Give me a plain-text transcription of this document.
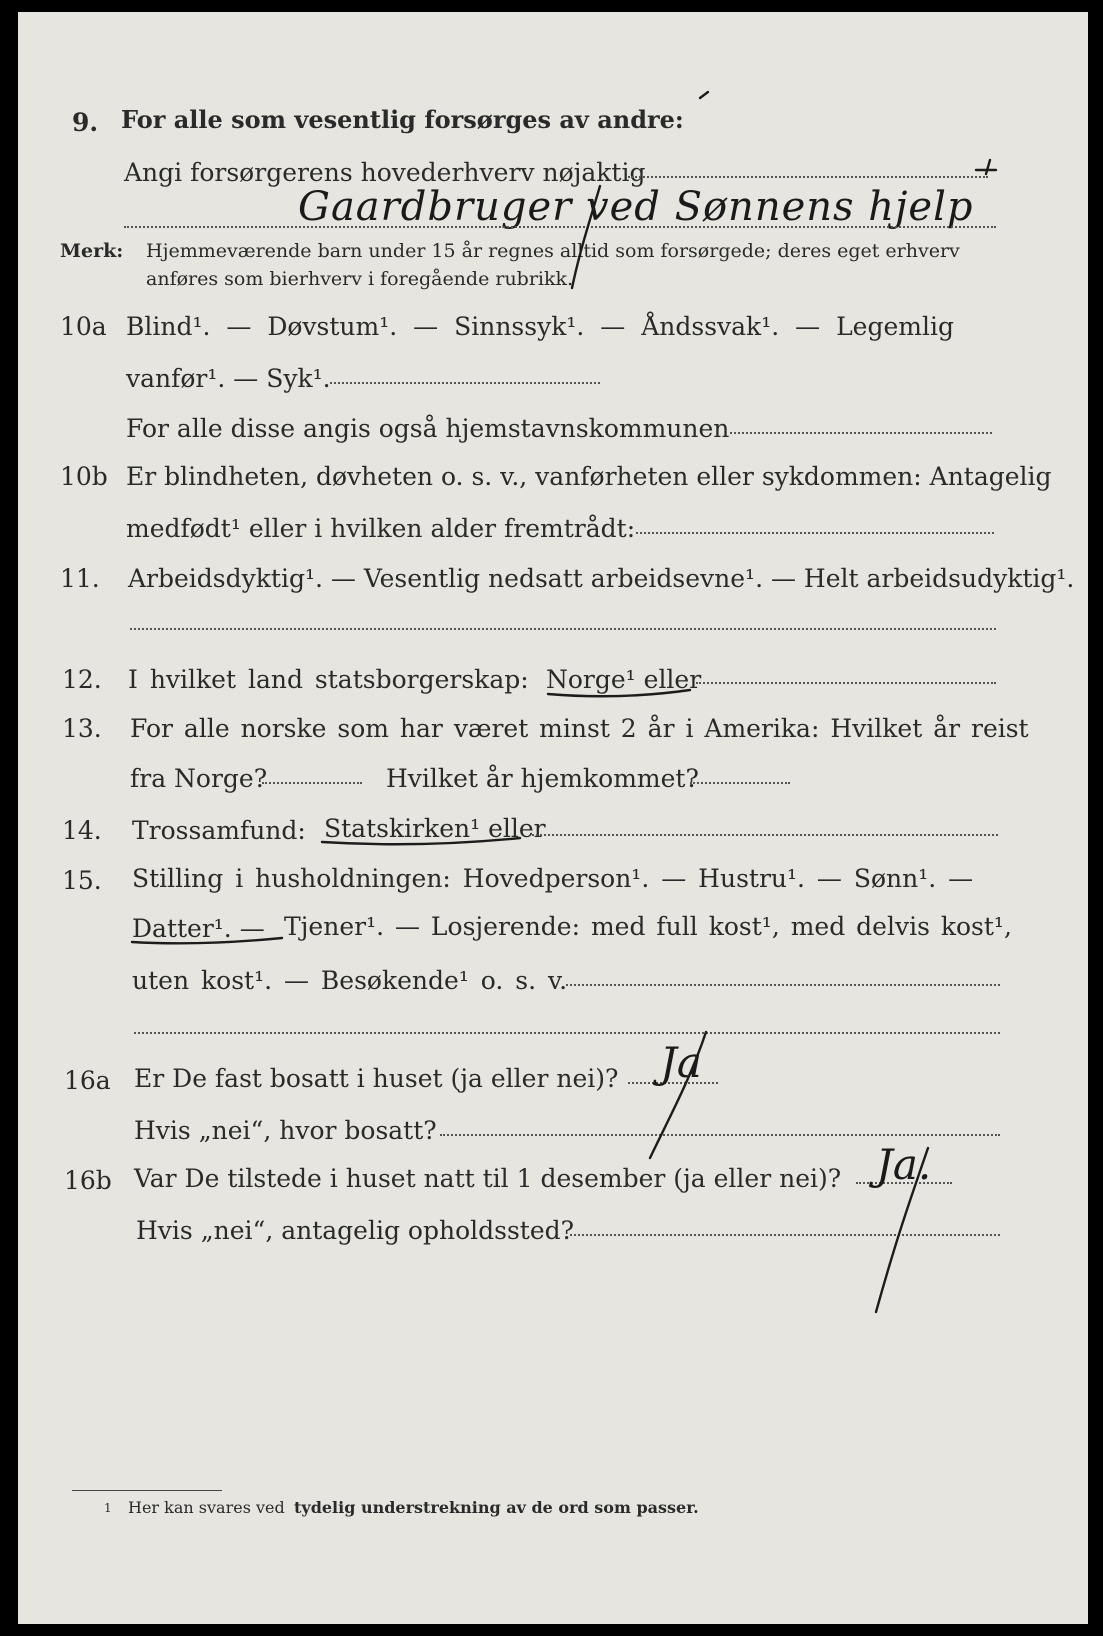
9. For alle som vesentlig forsørges av andre:
Angi forsørgerens hovederhverv nøjaktig
Gaardbruger ved Sønnens hjelp
Merk: Hjemmeværende barn under 15 år regnes alltid som forsørgede; deres eget erhverv
anføres som bierhverv i foregående rubrikk.
10a Blind¹. — Døvstum¹. — Sinnssyk¹. — Åndssvak¹. — Legemlig
vanfør¹. — Syk¹.
For alle disse angis også hjemstavnskommunen
10b Er blindheten, døvheten o. s. v., vanførheten eller sykdommen: Antagelig
medfødt¹ eller i hvilken alder fremtrådt:
11. Arbeidsdyktig¹. — Vesentlig nedsatt arbeidsevne¹. — Helt arbeidsudyktig¹.
12. I hvilket land statsborgerskap: Norge¹ eller
13. For alle norske som har været minst 2 år i Amerika: Hvilket år reist
fra Norge?	Hvilket år hjemkommet?
14. Trossamfund: Statskirken¹ eller
15. Stilling i husholdningen: Hovedperson¹. — Hustru¹. — Sønn¹. —
Datter¹. — Tjener¹. — Losjerende: med full kost¹, med delvis kost¹,
uten kost¹. — Besøkende¹ o. s. v.
16a Er De fast bosatt i huset (ja eller nei)? Ja
Hvis „nei“, hvor bosatt?
16b Var De tilstede i huset natt til 1 desember (ja eller nei)? Ja.
Hvis „nei“, antagelig opholdssted?
1 Her kan svares ved tydelig understrekning av de ord som passer.
